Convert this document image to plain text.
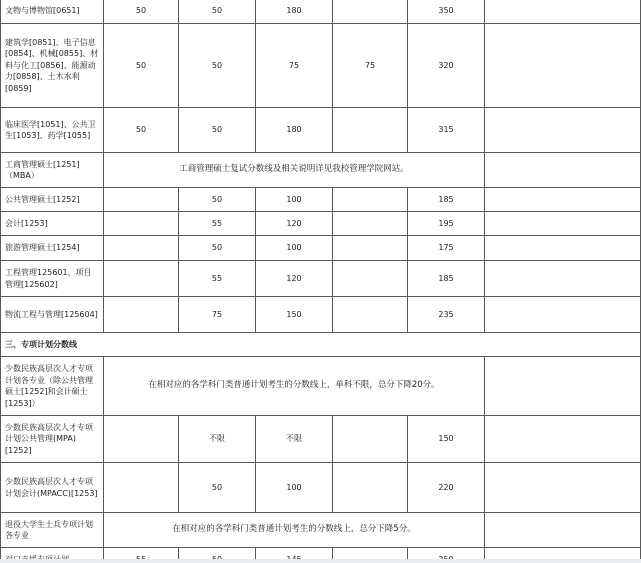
文物与博物馆[0651]	50	50	180		350	
建筑学[0851]、电子信息[0854]、机械[0855]、材料与化工[0856]、能源动力[0858]、土木水利[0859]	50	50	75	75	320	
临床医学[1051]、公共卫生[1053]、药学[1055]	50	50	180		315	
工商管理硕士[1251]（MBA）	工商管理硕士复试分数线及相关说明详见我校管理学院网站。					
公共管理硕士[1252]		50	100		185	
会计[1253]		55	120		195	
旅游管理硕士[1254]		50	100		175	
工程管理125601、项目管理[125602]		55	120		185	
物流工程与管理[125604]		75	150		235	
三、专项计划分数线						
少数民族高层次人才专项计划各专业（除公共管理硕士[1252]和会计硕士[1253]）	在相对应的各学科门类普通计划考生的分数线上，单科不限，总分下降20分。					
少数民族高层次人才专项计划公共管理(MPA)[1252]		不限	不限		150	
少数民族高层次人才专项计划会计(MPACC)[1253]		50	100		220	
退役大学生士兵专项计划各专业	在相对应的各学科门类普通计划考生的分数线上，总分下降5分。					
